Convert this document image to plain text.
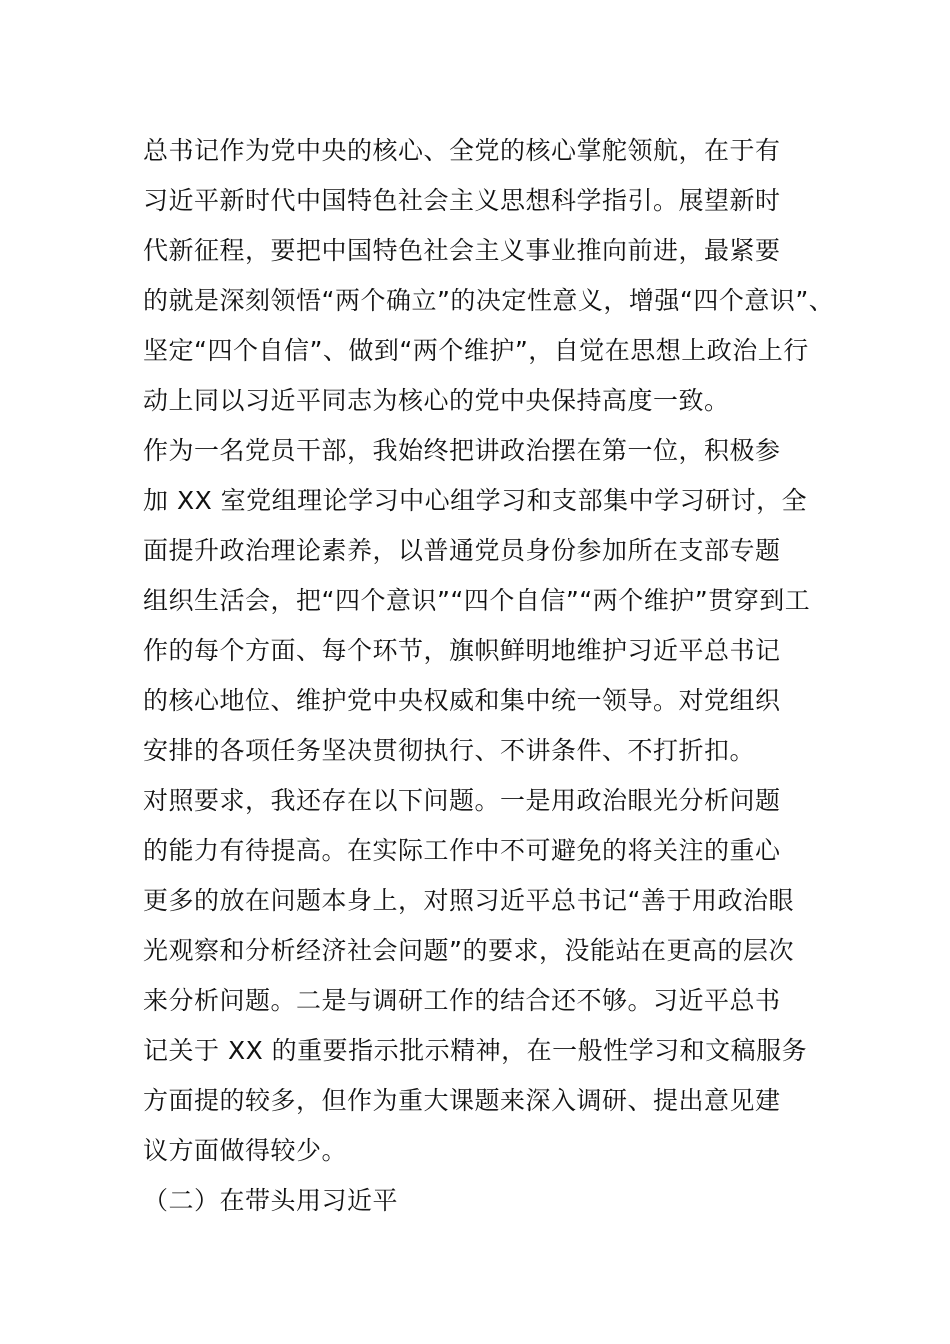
总书记作为党中央的核心、全党的核心掌舵领航，在于有
习近平新时代中国特色社会主义思想科学指引。展望新时
代新征程，要把中国特色社会主义事业推向前进，最紧要
的就是深刻领悟“两个确立”的决定性意义，增强“四个意识”、
坚定“四个自信”、做到“两个维护”，自觉在思想上政治上行
动上同以习近平同志为核心的党中央保持高度一致。
作为一名党员干部，我始终把讲政治摆在第一位，积极参
加 XX 室党组理论学习中心组学习和支部集中学习研讨，全
面提升政治理论素养，以普通党员身份参加所在支部专题
组织生活会，把“四个意识”“四个自信”“两个维护”贯穿到工
作的每个方面、每个环节，旗帜鲜明地维护习近平总书记
的核心地位、维护党中央权威和集中统一领导。对党组织
安排的各项任务坚决贯彻执行、不讲条件、不打折扣。
对照要求，我还存在以下问题。一是用政治眼光分析问题
的能力有待提高。在实际工作中不可避免的将关注的重心
更多的放在问题本身上，对照习近平总书记“善于用政治眼
光观察和分析经济社会问题”的要求，没能站在更高的层次
来分析问题。二是与调研工作的结合还不够。习近平总书
记关于 XX 的重要指示批示精神，在一般性学习和文稿服务
方面提的较多，但作为重大课题来深入调研、提出意见建
议方面做得较少。
（二）在带头用习近平
